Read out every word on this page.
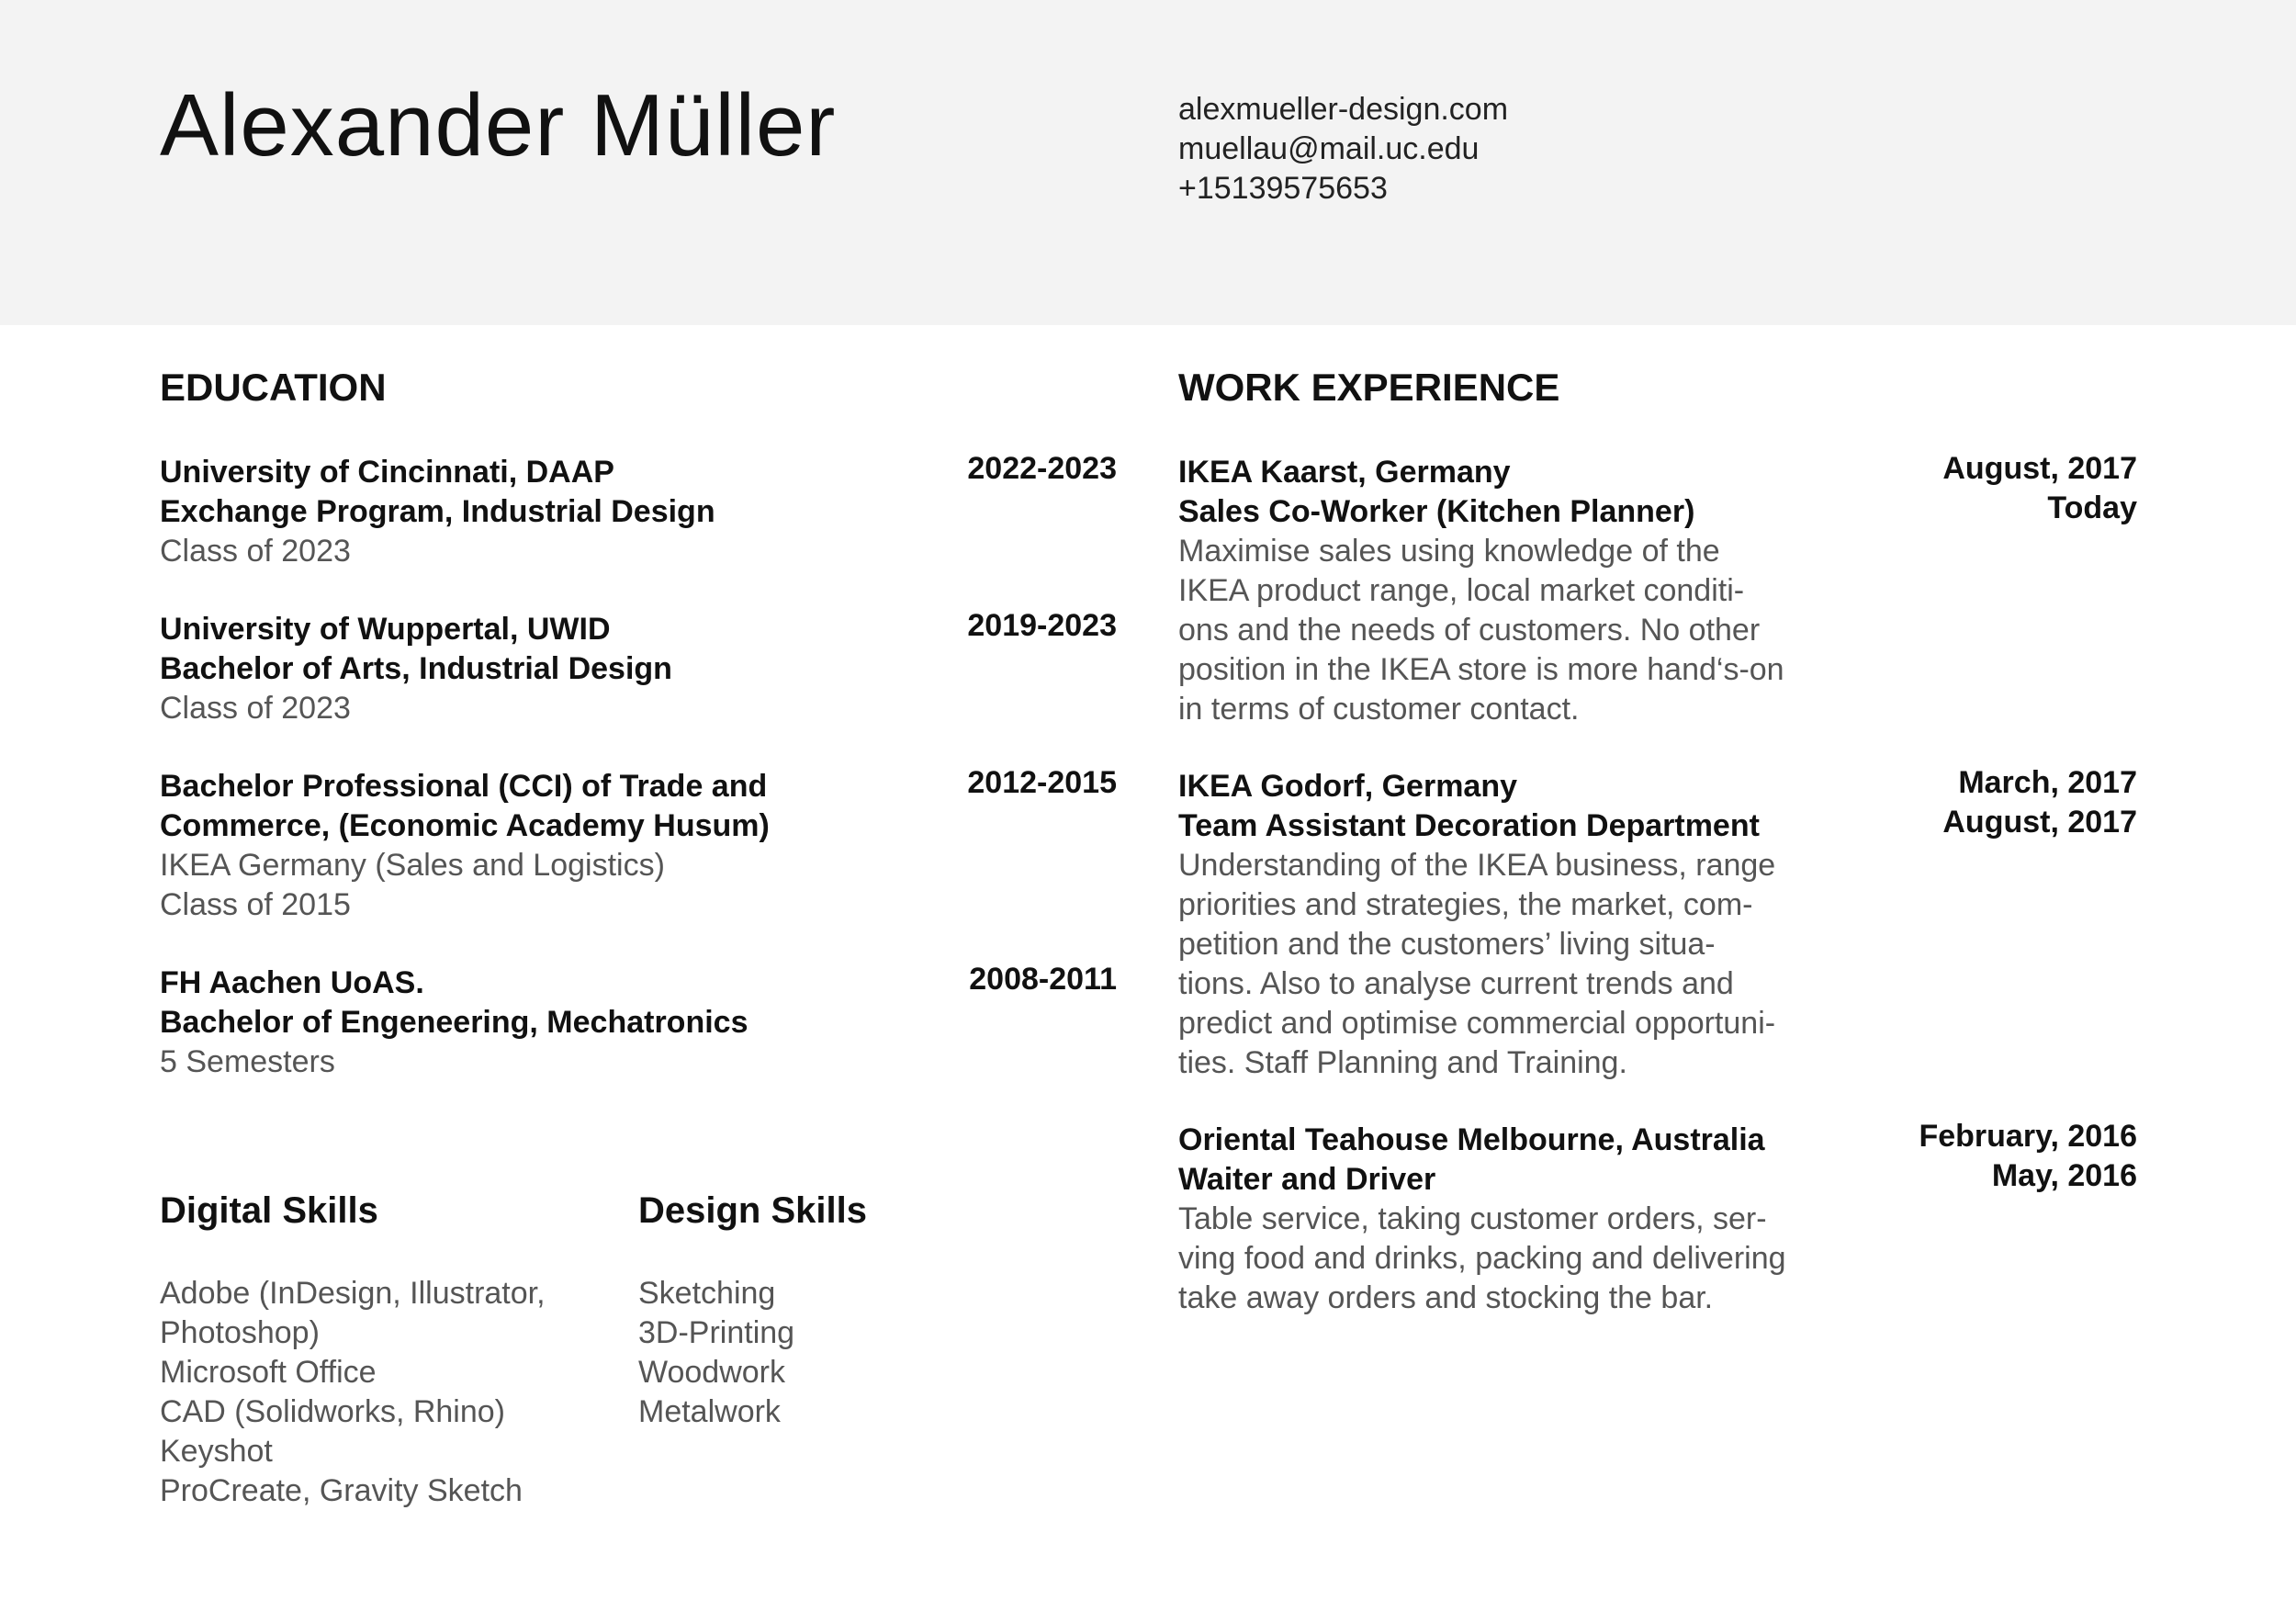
Alexander Müller	alexmueller-design.com
muellau@mail.uc.edu
+15139575653
EDUCATION
University of Cincinnati, DAAP
Exchange Program, Industrial Design
Class of 2023
2022-2023
University of Wuppertal, UWID
Bachelor of Arts, Industrial Design
Class of 2023
2019-2023
Bachelor Professional (CCI) of Trade and
Commerce, (Economic Academy Husum)
IKEA Germany (Sales and Logistics)
Class of 2015
2012-2015
FH Aachen UoAS.
Bachelor of Engeneering, Mechatronics
5 Semesters
2008-2011
Digital Skills
Adobe (InDesign, Illustrator,
Photoshop)
Microsoft Office
CAD (Solidworks, Rhino)
Keyshot
ProCreate, Gravity Sketch
Design Skills
Sketching
3D-Printing
Woodwork
Metalwork
WORK EXPERIENCE
IKEA Kaarst, Germany
Sales Co-Worker (Kitchen Planner)
Maximise sales using knowledge of the
IKEA product range, local market conditi-
ons and the needs of customers. No other
position in the IKEA store is more hand‘s-on
in terms of customer contact.
August, 2017
Today
IKEA Godorf, Germany
Team Assistant Decoration Department
Understanding of the IKEA business, range
priorities and strategies, the market, com-
petition and the customers’ living situa-
tions. Also to analyse current trends and
predict and optimise commercial opportuni-
ties. Staff Planning and Training.
March, 2017
August, 2017
Oriental Teahouse Melbourne, Australia
Waiter and Driver
Table service, taking customer orders, ser-
ving food and drinks, packing and delivering
take away orders and stocking the bar.
February, 2016
May, 2016
